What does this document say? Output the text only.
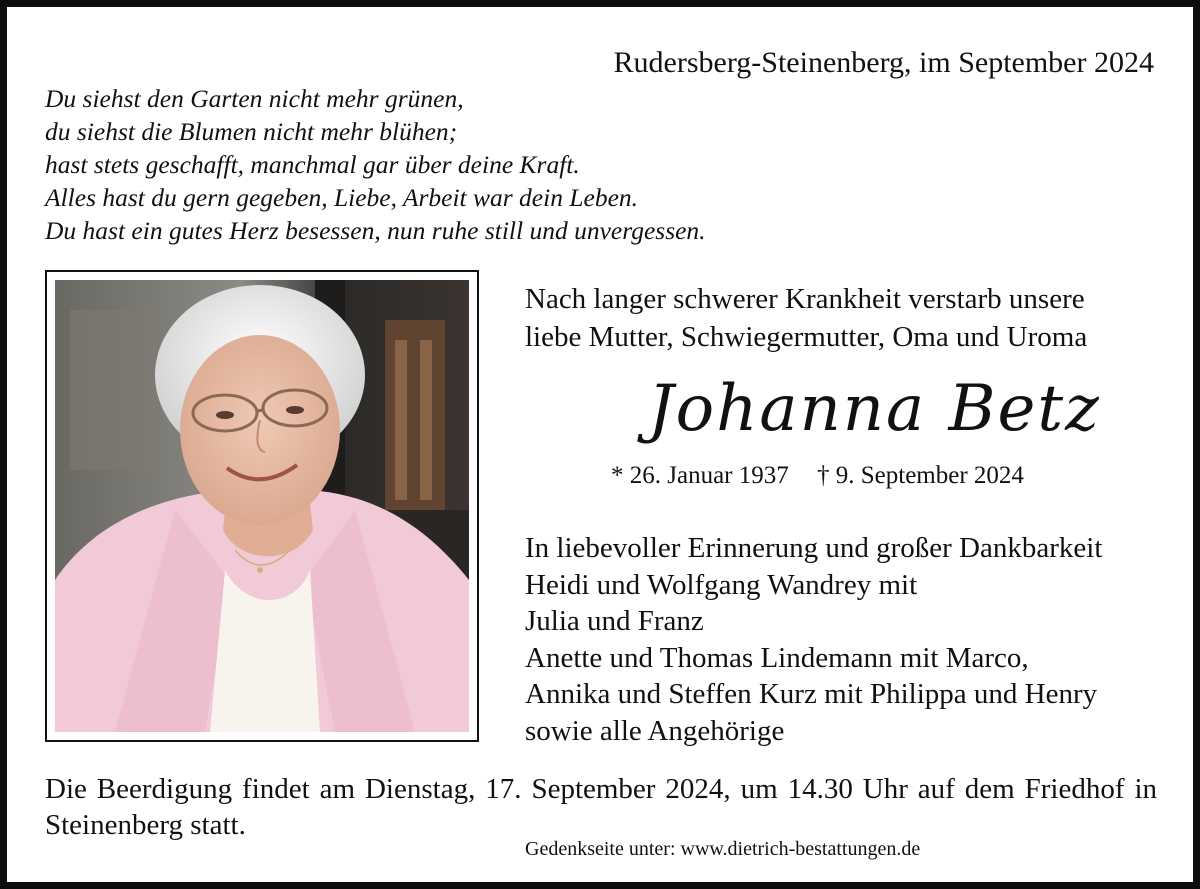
Rudersberg-Steinenberg, im September 2024
Du siehst den Garten nicht mehr grünen,
du siehst die Blumen nicht mehr blühen;
hast stets geschafft, manchmal gar über deine Kraft.
Alles hast du gern gegeben, Liebe, Arbeit war dein Leben.
Du hast ein gutes Herz besessen, nun ruhe still und unvergessen.
Nach langer schwerer Krankheit verstarb unsere
liebe Mutter, Schwiegermutter, Oma und Uroma
Johanna Betz
* 26. Januar 1937 † 9. September 2024
In liebevoller Erinnerung und großer Dankbarkeit
Heidi und Wolfgang Wandrey mit
Julia und Franz
Anette und Thomas Lindemann mit Marco,
Annika und Steffen Kurz mit Philippa und Henry
sowie alle Angehörige
Die Beerdigung findet am Dienstag, 17. September 2024, um 14.30 Uhr auf dem Friedhof in Steinenberg statt.
Gedenkseite unter: www.dietrich-bestattungen.de
